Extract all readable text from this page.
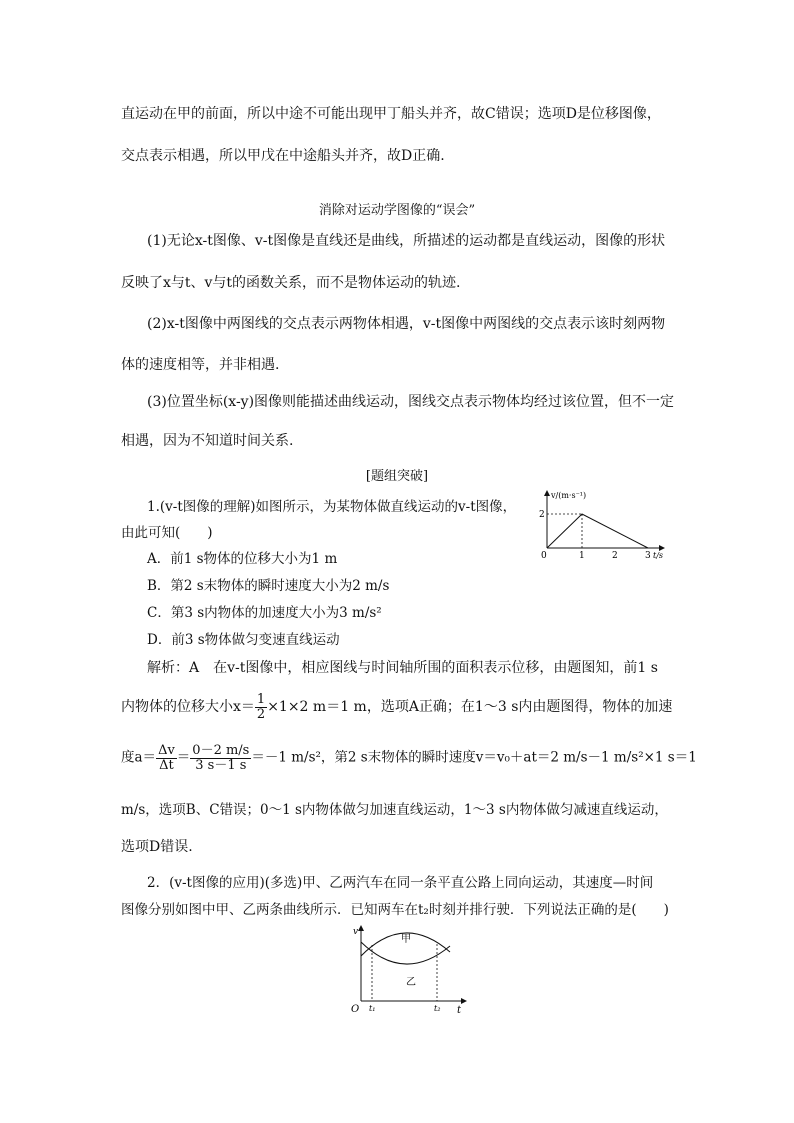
直运动在甲的前面，所以中途不可能出现甲丁船头并齐，故C错误；选项D是位移图像，
交点表示相遇，所以甲戊在中途船头并齐，故D正确.
消除对运动学图像的“误会”
(1)无论x-t图像、v-t图像是直线还是曲线，所描述的运动都是直线运动，图像的形状
反映了x与t、v与t的函数关系，而不是物体运动的轨迹.
(2)x-t图像中两图线的交点表示两物体相遇，v-t图像中两图线的交点表示该时刻两物
体的速度相等，并非相遇.
(3)位置坐标(x-y)图像则能描述曲线运动，图线交点表示物体均经过该位置，但不一定
相遇，因为不知道时间关系.
[题组突破]
1.(v-t图像的理解)如图所示，为某物体做直线运动的v-t图像，
由此可知(　　)
A．前1 s物体的位移大小为1 m
B．第2 s末物体的瞬时速度大小为2 m/s
C．第3 s内物体的加速度大小为3 m/s²
D．前3 s物体做匀变速直线运动
v/(m·s⁻¹)
t/s
0
2
1	2	3
解析：A　在v-t图像中，相应图线与时间轴所围的面积表示位移，由题图知，前1 s
内物体的位移大小$x= \frac{1}{2} \times 1\times 2$ m＝1 m，选项A正确；在1～3 s内由题图得，物体的加速
度$a= \frac{\Delta v}{\Delta t} = \frac{0-2 m/s}{3 s-1 s} =-1$ m/s²，第2 s末物体的瞬时速度v＝v₀＋at＝2 m/s－1 m/s²×1 s＝1
m/s，选项B、C错误；0～1 s内物体做匀加速直线运动，1～3 s内物体做匀减速直线运动，
选项D错误.
2．(v-t图像的应用)(多选)甲、乙两汽车在同一条平直公路上同向运动，其速度—时间
图像分别如图中甲、乙两条曲线所示．已知两车在t₂时刻并排行驶．下列说法正确的是(　　)
v
t
O
甲
乙
t₁	t₂
